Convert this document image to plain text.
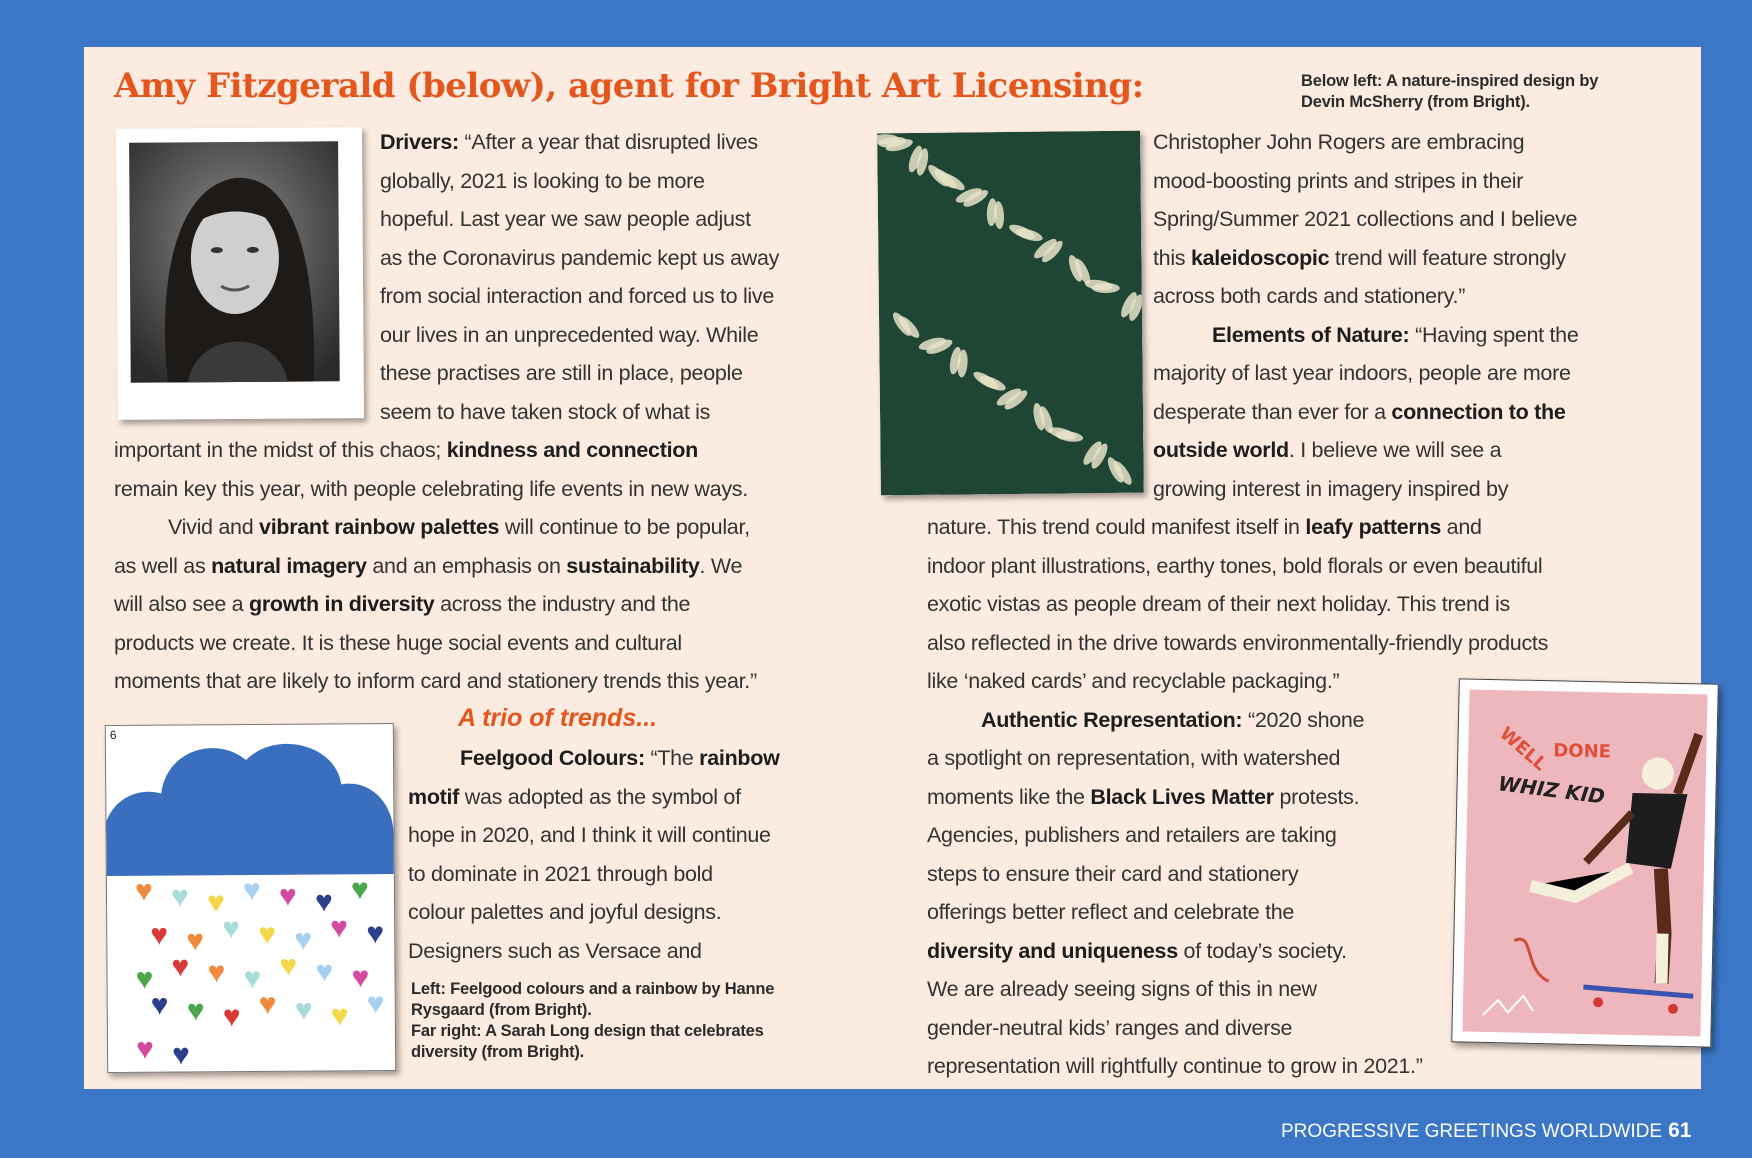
Amy Fitzgerald (below), agent for Bright Art Licensing:	Below left: A nature-inspired design by
Devin McSherry (from Bright).
6
♥ ♥ ♥ ♥ ♥ ♥ ♥
♥ ♥ ♥ ♥ ♥ ♥ ♥
♥ ♥ ♥ ♥ ♥ ♥ ♥
♥ ♥ ♥ ♥ ♥ ♥ ♥
♥ ♥
WELL DONE
WHIZ KID
Drivers: “After a year that disrupted lives
globally, 2021 is looking to be more
hopeful. Last year we saw people adjust
as the Coronavirus pandemic kept us away
from social interaction and forced us to live
our lives in an unprecedented way. While
these practises are still in place, people
seem to have taken stock of what is
important in the midst of this chaos; kindness and connection
remain key this year, with people celebrating life events in new ways.
Vivid and vibrant rainbow palettes will continue to be popular,
as well as natural imagery and an emphasis on sustainability. We
will also see a growth in diversity across the industry and the
products we create. It is these huge social events and cultural
moments that are likely to inform card and stationery trends this year.”
Feelgood Colours: “The rainbow
motif was adopted as the symbol of
hope in 2020, and I think it will continue
to dominate in 2021 through bold
colour palettes and joyful designs.
Designers such as Versace and
Christopher John Rogers are embracing
mood-boosting prints and stripes in their
Spring/Summer 2021 collections and I believe
this kaleidoscopic trend will feature strongly
across both cards and stationery.”
Elements of Nature: “Having spent the
majority of last year indoors, people are more
desperate than ever for a connection to the
outside world. I believe we will see a
growing interest in imagery inspired by
nature. This trend could manifest itself in leafy patterns and
indoor plant illustrations, earthy tones, bold florals or even beautiful
exotic vistas as people dream of their next holiday. This trend is
also reflected in the drive towards environmentally-friendly products
like ‘naked cards’ and recyclable packaging.”
Authentic Representation: “2020 shone
a spotlight on representation, with watershed
moments like the Black Lives Matter protests.
Agencies, publishers and retailers are taking
steps to ensure their card and stationery
offerings better reflect and celebrate the
diversity and uniqueness of today’s society.
We are already seeing signs of this in new
gender-neutral kids’ ranges and diverse
representation will rightfully continue to grow in 2021.”
A trio of trends...
Left: Feelgood colours and a rainbow by Hanne
Rysgaard (from Bright).
Far right: A Sarah Long design that celebrates
diversity (from Bright).
PROGRESSIVE GREETINGS WORLDWIDE 61
